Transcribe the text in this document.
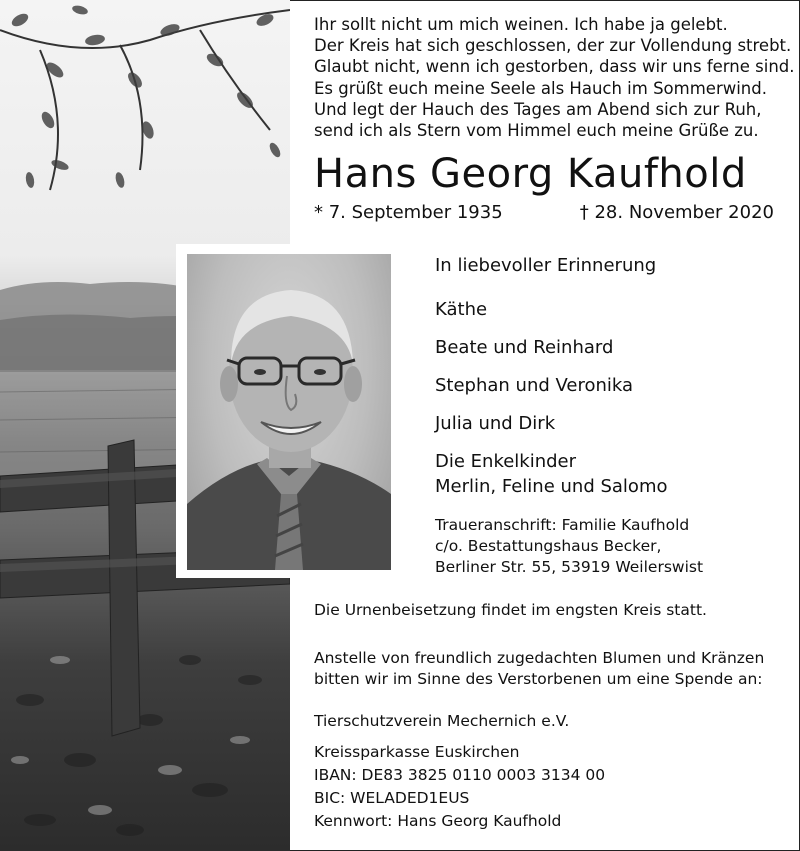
Ihr sollt nicht um mich weinen. Ich habe ja gelebt.
Der Kreis hat sich geschlossen, der zur Vollendung strebt.
Glaubt nicht, wenn ich gestorben, dass wir uns ferne sind.
Es grüßt euch meine Seele als Hauch im Sommerwind.
Und legt der Hauch des Tages am Abend sich zur Ruh,
send ich als Stern vom Himmel euch meine Grüße zu.
Hans Georg Kaufhold
* 7. September 1935	† 28. November 2020
In liebevoller Erinnerung
Käthe
Beate und Reinhard
Stephan und Veronika
Julia und Dirk
Die Enkelkinder
Merlin, Feline und Salomo
Traueranschrift: Familie Kaufhold
c/o. Bestattungshaus Becker,
Berliner Str. 55, 53919 Weilerswist
Die Urnenbeisetzung findet im engsten Kreis statt.
Anstelle von freundlich zugedachten Blumen und Kränzen
bitten wir im Sinne des Verstorbenen um eine Spende an:
Tierschutzverein Mechernich e.V.
Kreissparkasse Euskirchen
IBAN: DE83 3825 0110 0003 3134 00
BIC: WELADED1EUS
Kennwort: Hans Georg Kaufhold
